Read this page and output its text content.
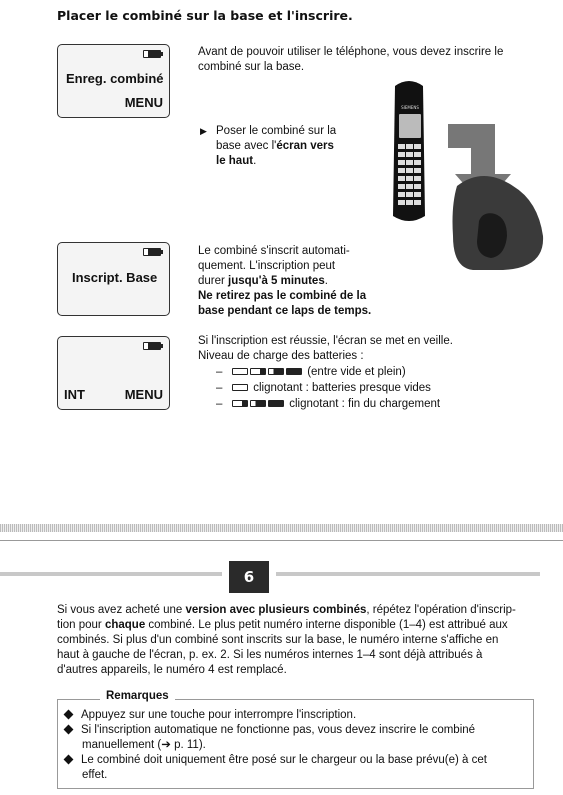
Placer le combiné sur la base et l'inscrire.
Enreg. combiné
MENU
Avant de pouvoir utiliser le téléphone, vous devez inscrire le
combiné sur la base.
▶ Poser le combiné sur la
base avec l'écran vers
le haut.
SIEMENS
Inscript. Base
Le combiné s'inscrit automati-
quement. L'inscription peut
durer jusqu'à 5 minutes.
Ne retirez pas le combiné de la
base pendant ce laps de temps.
INT	MENU
Si l'inscription est réussie, l'écran se met en veille.
Niveau de charge des batteries :
–	(entre vide et plein)
–	clignotant : batteries presque vides
–	clignotant : fin du chargement
6
Si vous avez acheté une version avec plusieurs combinés, répétez l'opération d'inscrip-
tion pour chaque combiné. Le plus petit numéro interne disponible (1–4) est attribué aux
combinés. Si plus d'un combiné sont inscrits sur la base, le numéro interne s'affiche en
haut à gauche de l'écran, p. ex. 2. Si les numéros internes 1–4 sont déjà attribués à
d'autres appareils, le numéro 4 est remplacé.
Remarques
Appuyez sur une touche pour interrompre l'inscription.
Si l'inscription automatique ne fonctionne pas, vous devez inscrire le combiné
manuellement (➔ p. 11).
Le combiné doit uniquement être posé sur le chargeur ou la base prévu(e) à cet
effet.
